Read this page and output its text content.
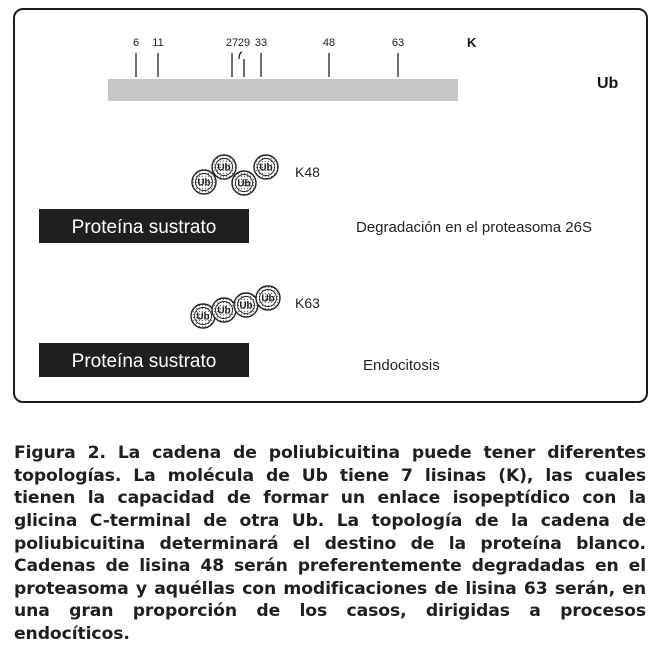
6 11	27 29 33	48	63	K
Ub
Ub
Ub
Ub
Ub K48
Proteína sustrato	Degradación en el proteasoma 26S
Ub
Ub Ub
Ub K63
Proteína sustrato	Endocitosis

Figura 2. La cadena de poliubicuitina puede tener diferentes topologías. La molécula de Ub tiene 7 lisinas (K), las cuales tienen la capacidad de formar un enlace isopeptídico con la glicina C-terminal de otra Ub. La topología de la cadena de poliubicuitina determinará el destino de la proteína blanco. Cadenas de lisina 48 serán preferentemente degradadas en el proteasoma y aquéllas con modificaciones de lisina 63 serán, en una gran proporción de los casos, dirigidas a procesos endocíticos.
